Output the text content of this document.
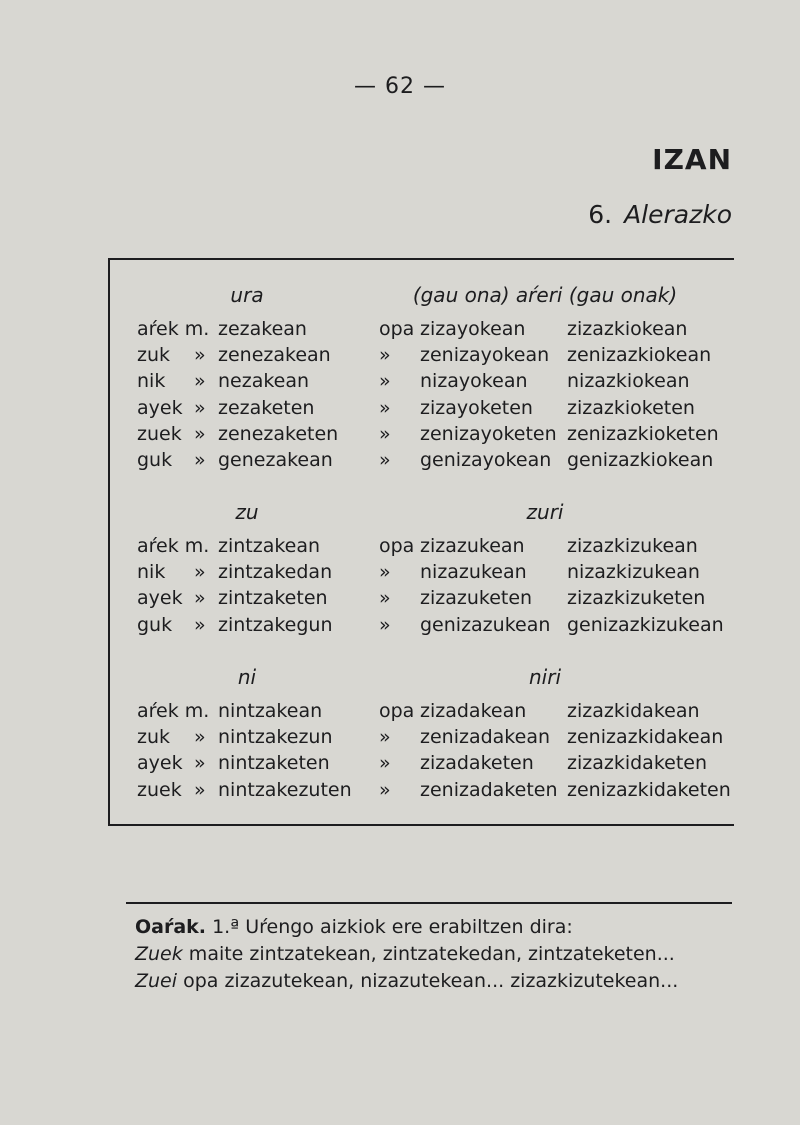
— 62 —
IZAN
6. Alerazko
ura	(gau ona) aŕeri (gau onak)
aŕek m. zezakean	opa zizayokean zizazkiokean
zuk » zenezakean	» zenizayokean zenizazkiokean
nik » nezakean	» nizayokean nizazkiokean
ayek » zezaketen	» zizayoketen zizazkioketen
zuek » zenezaketen » zenizayoketen zenizazkioketen
guk » genezakean » genizayokean genizazkiokean
zu	zuri
aŕek m. zintzakean	opa zizazukean zizazkizukean
nik » zintzakedan » nizazukean nizazkizukean
ayek » zintzaketen	» zizazuketen zizazkizuketen
guk » zintzakegun » genizazukean genizazkizukean
ni	niri
aŕek m. nintzakean	opa zizadakean zizazkidakean
zuk » nintzakezun » zenizadakean zenizazkidakean
ayek » nintzaketen	» zizadaketen zizazkidaketen
zuek » nintzakezuten » zenizadaketen zenizazkidaketen
Oaŕak. 1.ª Uŕengo aizkiok ere erabiltzen dira:
Zuek maite zintzatekean, zintzatekedan, zintzateketen...
Zuei opa zizazutekean, nizazutekean... zizazkizutekean...
